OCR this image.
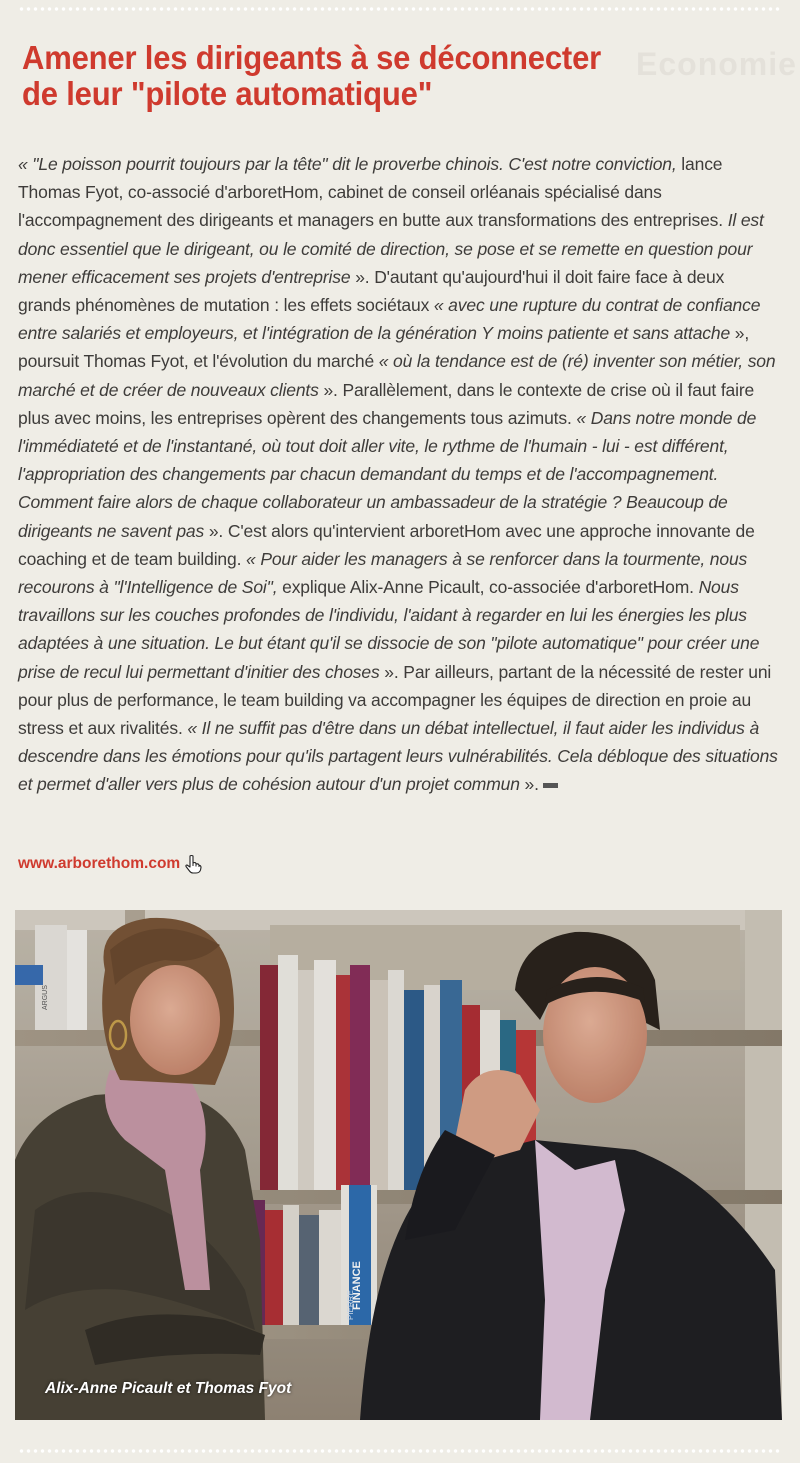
Economie
Amener les dirigeants à se déconnecter
de leur "pilote automatique"

« "Le poisson pourrit toujours par la tête" dit le proverbe chinois. C'est notre conviction, lance Thomas Fyot, co-associé d'arboretHom, cabinet de conseil orléanais spécialisé dans l'accompagnement des dirigeants et managers en butte aux transformations des entreprises. Il est donc essentiel que le dirigeant, ou le comité de direction, se pose et se remette en question pour mener efficacement ses projets d'entreprise ». D'autant qu'aujourd'hui il doit faire face à deux grands phénomènes de mutation : les effets sociétaux « avec une rupture du contrat de confiance entre salariés et employeurs, et l'intégration de la génération Y moins patiente et sans attache », poursuit Thomas Fyot, et l'évolution du marché « où la tendance est de (ré) inventer son métier, son marché et de créer de nouveaux clients ». Parallèlement, dans le contexte de crise où il faut faire plus avec moins, les entreprises opèrent des changements tous azimuts. « Dans notre monde de l'immédiateté et de l'instantané, où tout doit aller vite, le rythme de l'humain - lui - est différent, l'appropriation des changements par chacun demandant du temps et de l'accompagnement. Comment faire alors de chaque collaborateur un ambassadeur de la stratégie ? Beaucoup de dirigeants ne savent pas ». C'est alors qu'intervient arboretHom avec une approche innovante de coaching et de team building. « Pour aider les managers à se renforcer dans la tourmente, nous recourons à "l'Intelligence de Soi", explique Alix-Anne Picault, co-associée d'arboretHom. Nous travaillons sur les couches profondes de l'individu, l'aidant à regarder en lui les énergies les plus adaptées à une situation. Le but étant qu'il se dissocie de son "pilote automatique" pour créer une prise de recul lui permettant d'initier des choses ». Par ailleurs, partant de la nécessité de rester uni pour plus de performance, le team building va accompagner les équipes de direction en proie au stress et aux rivalités. « Il ne suffit pas d'être dans un débat intellectuel, il faut aider les individus à descendre dans les émotions pour qu'ils partagent leurs vulnérabilités. Cela débloque des situations et permet d'aller vers plus de cohésion autour d'un projet commun ».

www.arborethom.com
FINANCE
PIERRE
ARGUS
Alix-Anne Picault et Thomas Fyot
